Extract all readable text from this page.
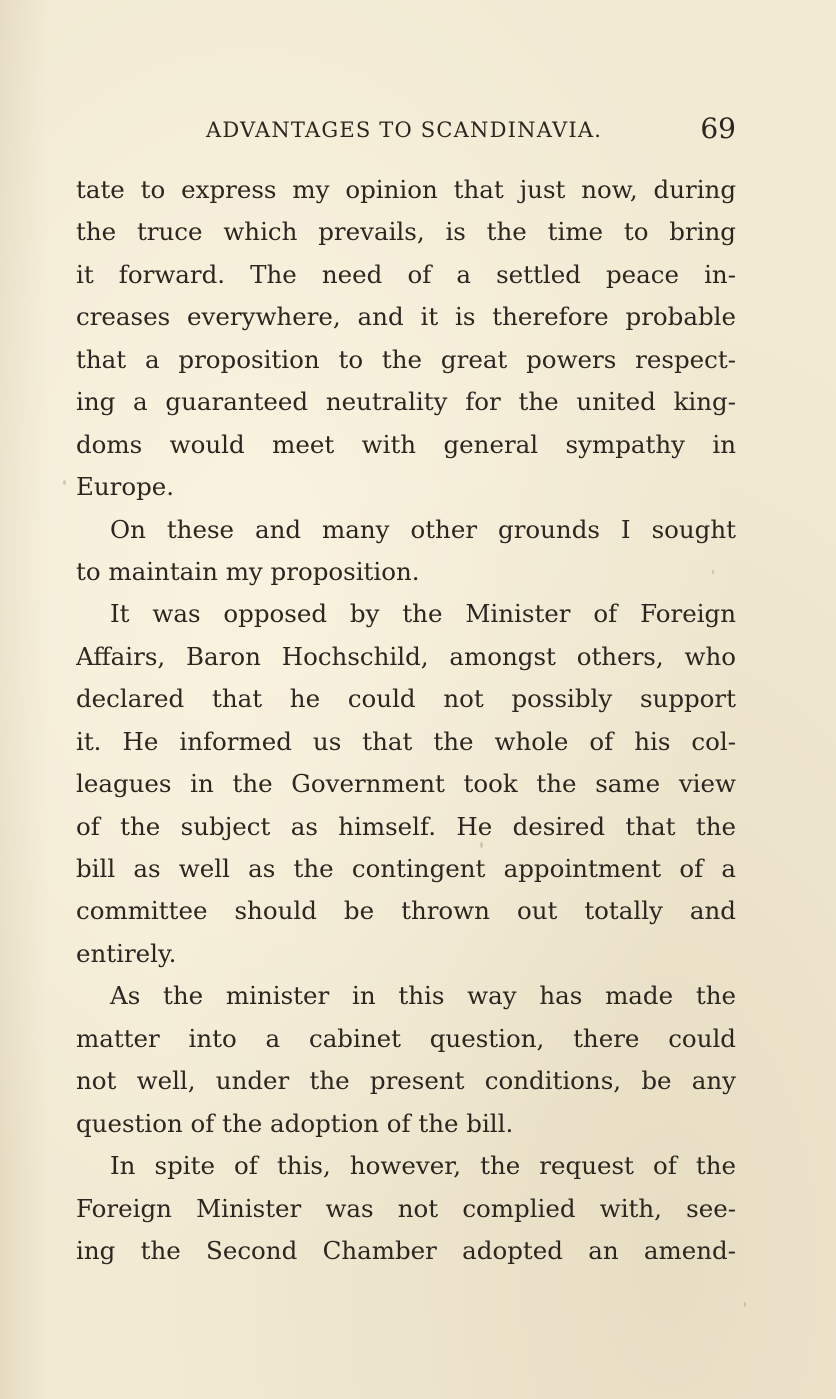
ADVANTAGES TO SCANDINAVIA.	69
tate to express my opinion that just now, during
the truce which prevails, is the time to bring
it forward. The need of a settled peace in-
creases everywhere, and it is therefore probable
that a proposition to the great powers respect-
ing a guaranteed neutrality for the united king-
doms would meet with general sympathy in
Europe.
On these and many other grounds I sought
to maintain my proposition.
It was opposed by the Minister of Foreign
Affairs, Baron Hochschild, amongst others, who
declared that he could not possibly support
it. He informed us that the whole of his col-
leagues in the Government took the same view
of the subject as himself. He desired that the
bill as well as the contingent appointment of a
committee should be thrown out totally and
entirely.
As the minister in this way has made the
matter into a cabinet question, there could
not well, under the present conditions, be any
question of the adoption of the bill.
In spite of this, however, the request of the
Foreign Minister was not complied with, see-
ing the Second Chamber adopted an amend-
